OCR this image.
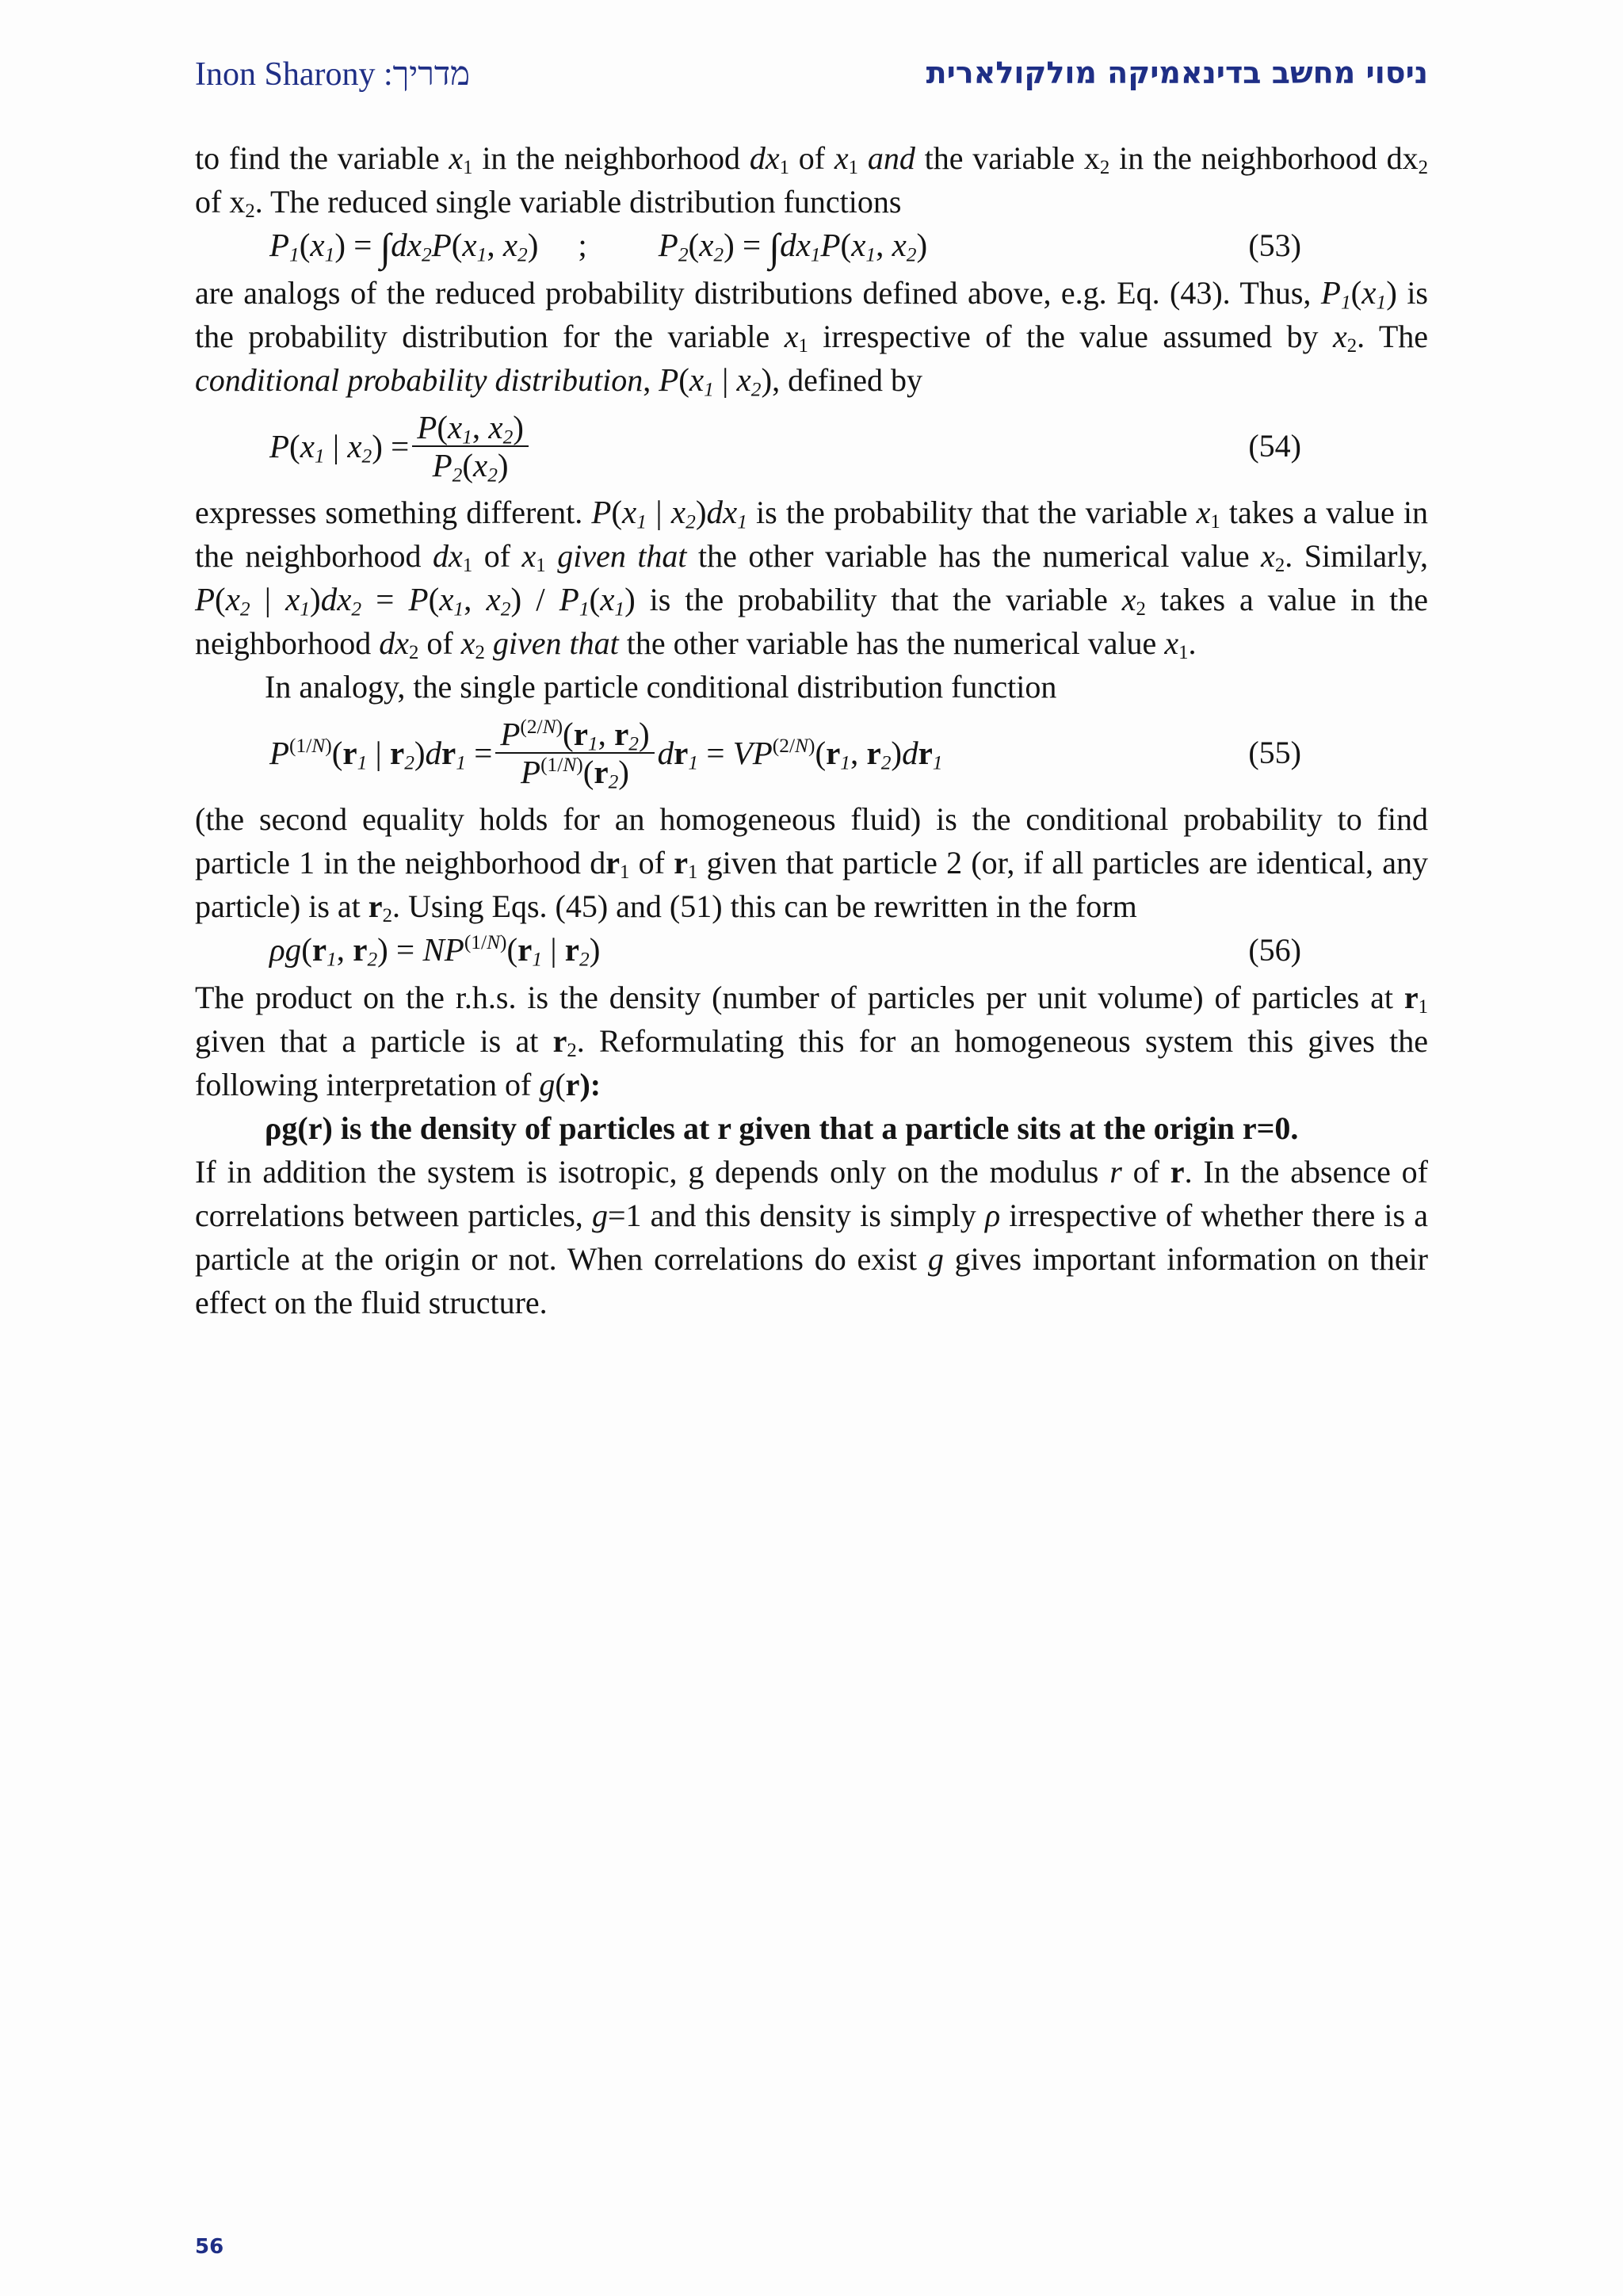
Inon Sharony :מדריך	ניסוי מחשב בדינאמיקה מולקולארית

to find the variable $x_1$ in the neighborhood $dx_1$ of $x_1$ and the variable $x_2$ in the neighborhood $dx_2$ of $x_2$. The reduced single variable distribution functions

$P_1(x_1) = \int dx_2P(x_1$, $x_2$) ; $P_2(x_2) = \int dx_1P(x_1$, $x_2$)	(53)

are analogs of the reduced probability distributions defined above, e.g. Eq. (43). Thus, $P_1(x_1)$ is the probability distribution for the variable $x_1$ irrespective of the value assumed by $x_2$. The conditional probability distribution, $P(x_1$ | $x_2$), defined by

$P(x_1$ | $x_2) = \frac{P(x_1, x_2)}{P_2(x_2)}$	(54)

expresses something different. $P(x_1$ | $x_2)dx_1$ is the probability that the variable $x_1$ takes a value in the neighborhood $dx_1$ of $x_1$ given that the other variable has the numerical value $x_2$. Similarly, $P(x_2$ | $x_1)dx_2 = P(x_1$, $x_2) / P_1(x_1)$ is the probability that the variable $x_2$ takes a value in the neighborhood $dx_2$ of $x_2$ given that the other variable has the numerical value $x_1$.

In analogy, the single particle conditional distribution function

$P^{(1/N)}(r_1$ | $r_2)dr_1 = \frac{P^{(2/N)}(r_1, r_2)}{P^{(1/N)}(r_2)} dr_1 = VP^{(2/N)}(r_1$, $r_2)dr_1$	(55)

(the second equality holds for an homogeneous fluid) is the conditional probability to find particle 1 in the neighborhood $dr_1$ of $r_1$ given that particle 2 (or, if all particles are identical, any particle) is at $r_2$. Using Eqs. (45) and (51) this can be rewritten in the form

$\rho g(r_1$, $r_2) = NP^{(1/N)}(r_1$ | $r_2$)	(56)

The product on the r.h.s. is the density (number of particles per unit volume) of particles at $r_1$ given that a particle is at $r_2$. Reformulating this for an homogeneous system this gives the following interpretation of g(r):

ρg(r) is the density of particles at r given that a particle sits at the origin r=0.

If in addition the system is isotropic, g depends only on the modulus r of r. In the absence of correlations between particles, g=1 and this density is simply ρ irrespective of whether there is a particle at the origin or not. When correlations do exist g gives important information on their effect on the fluid structure.

56
